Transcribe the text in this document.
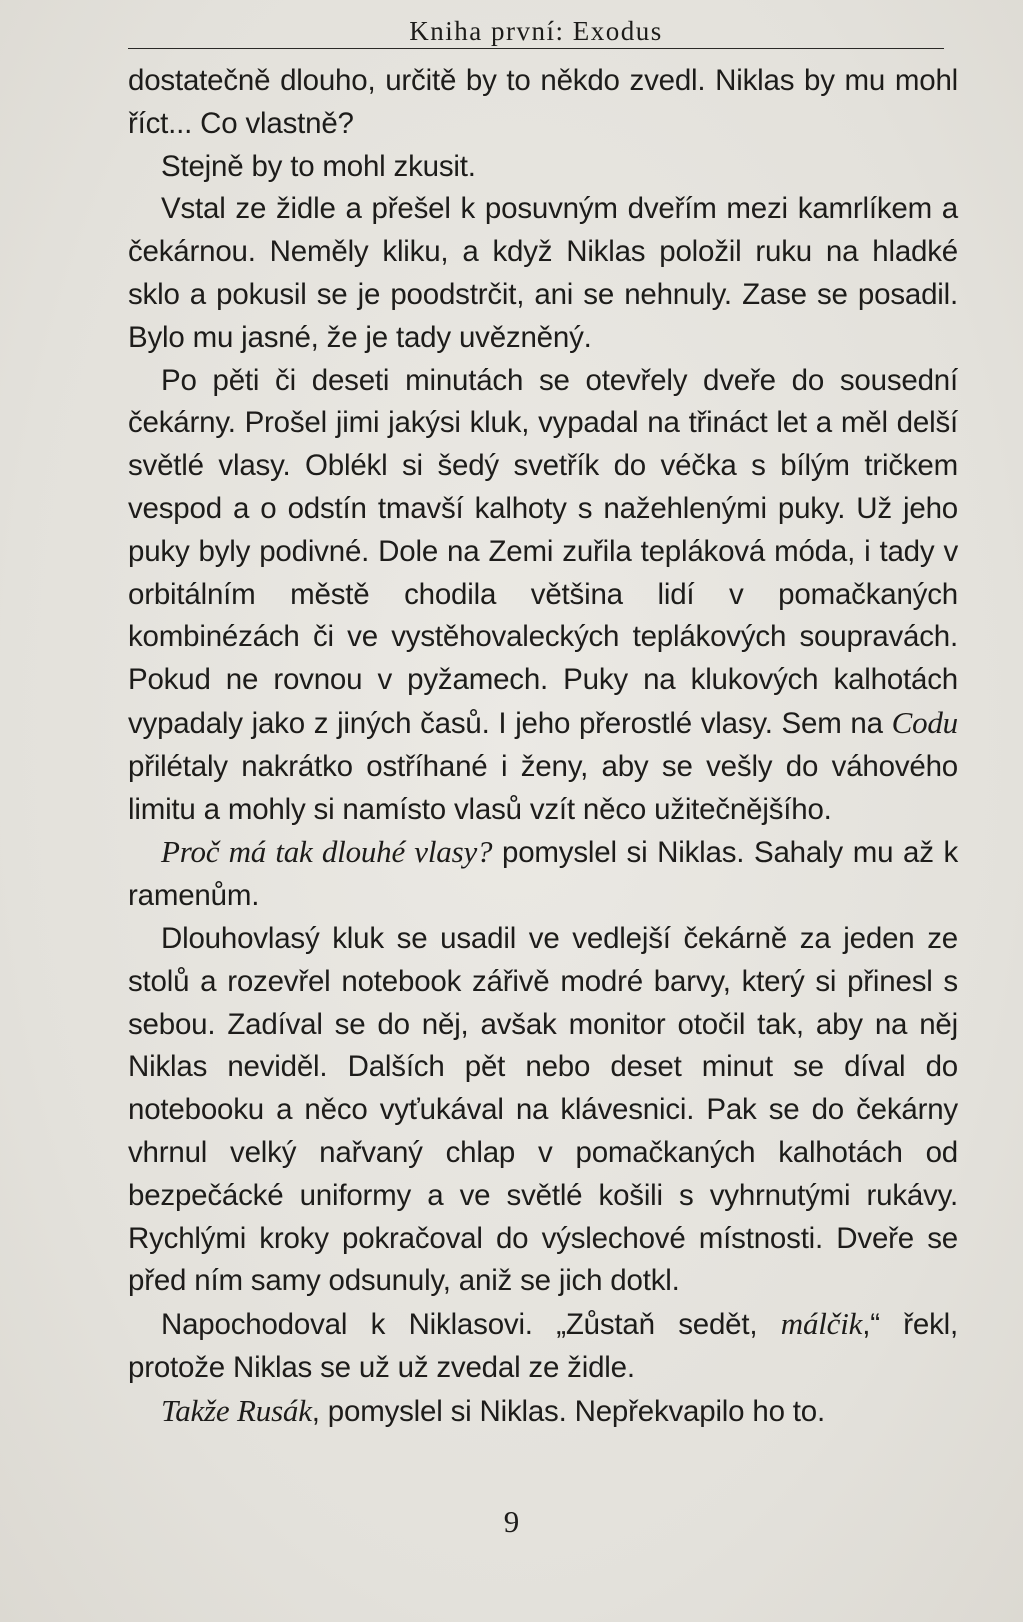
Kniha první: Exodus

dostatečně dlouho, určitě by to někdo zvedl. Niklas by mu mohl říct... Co vlastně?

Stejně by to mohl zkusit.

Vstal ze židle a přešel k posuvným dveřím mezi kamrlíkem a čekárnou. Neměly kliku, a když Niklas položil ruku na hladké sklo a pokusil se je poodstrčit, ani se nehnuly. Zase se posadil. Bylo mu jasné, že je tady uvězněný.

Po pěti či deseti minutách se otevřely dveře do sousední čekárny. Prošel jimi jakýsi kluk, vypadal na třináct let a měl delší světlé vlasy. Oblékl si šedý svetřík do véčka s bílým tričkem vespod a o odstín tmavší kalhoty s nažehlenými puky. Už jeho puky byly podivné. Dole na Zemi zuřila tepláková móda, i tady v orbitálním městě chodila většina lidí v pomačkaných kombinézách či ve vystěhovaleckých teplákových soupravách. Pokud ne rovnou v pyžamech. Puky na klukových kalhotách vypadaly jako z jiných časů. I jeho přerostlé vlasy. Sem na Codu přilétaly nakrátko ostříhané i ženy, aby se vešly do váhového limitu a mohly si namísto vlasů vzít něco užitečnějšího.

Proč má tak dlouhé vlasy? pomyslel si Niklas. Sahaly mu až k ramenům.

Dlouhovlasý kluk se usadil ve vedlejší čekárně za jeden ze stolů a rozevřel notebook zářivě modré barvy, který si přinesl s sebou. Zadíval se do něj, avšak monitor otočil tak, aby na něj Niklas neviděl. Dalších pět nebo deset minut se díval do notebooku a něco vyťukával na klávesnici. Pak se do čekárny vhrnul velký nařvaný chlap v pomačkaných kalhotách od bezpečácké uniformy a ve světlé košili s vyhrnutými rukávy. Rychlými kroky pokračoval do výslechové místnosti. Dveře se před ním samy odsunuly, aniž se jich dotkl.

Napochodoval k Niklasovi. „Zůstaň sedět, málčik,“ řekl, protože Niklas se už už zvedal ze židle.

Takže Rusák, pomyslel si Niklas. Nepřekvapilo ho to.

9
